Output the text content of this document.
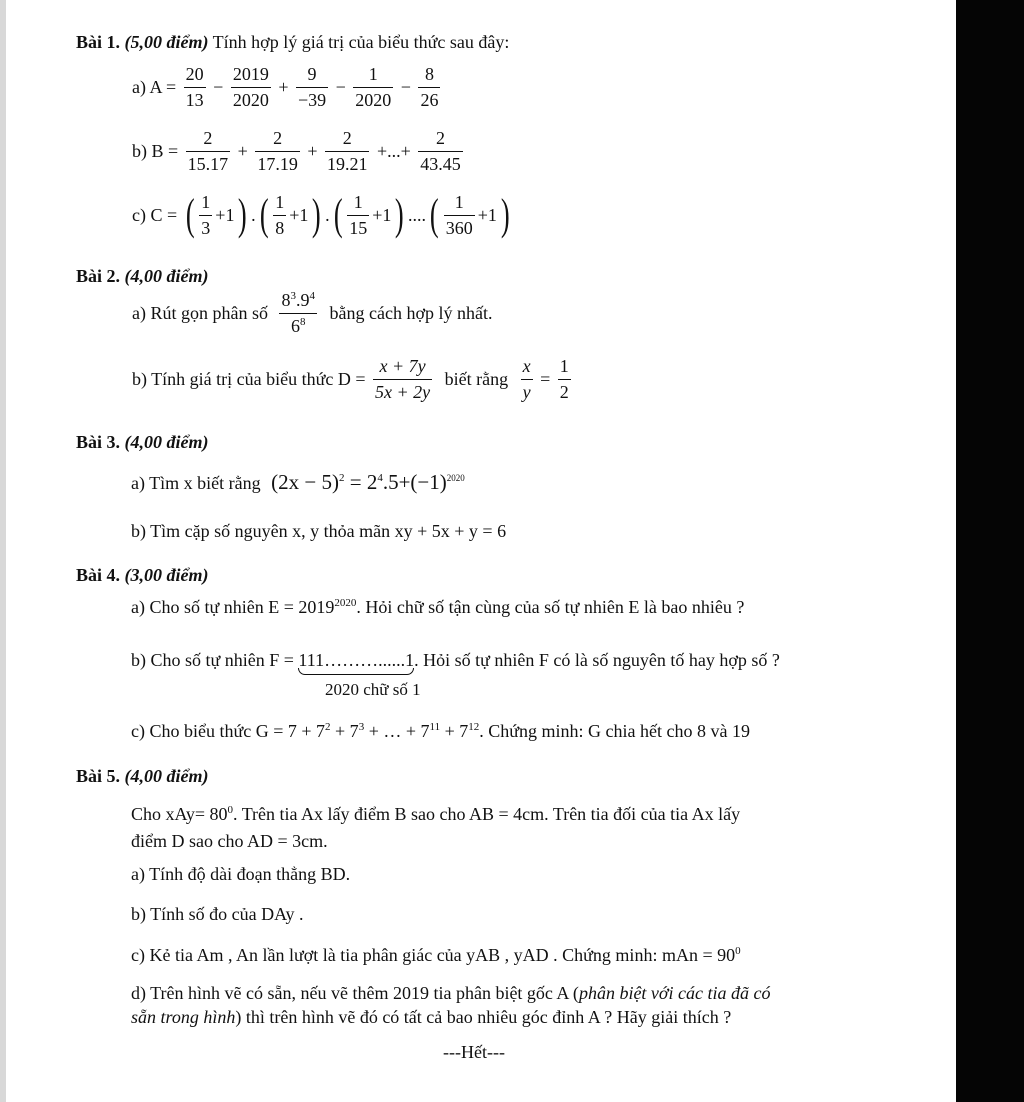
Bài 1. (5,00 điểm) Tính hợp lý giá trị của biểu thức sau đây:
a) $A = \frac{20}{13} - \frac{2019}{2020} + \frac{9}{-39} - \frac{1}{2020} - \frac{8}{26}$
b) $B = \frac{2}{15.17} + \frac{2}{17.19} + \frac{2}{19.21}$ +...+ $\frac{2}{43.45}$
c) C = ( $\frac{1}{3} +1$) .( $\frac{1}{8} +1$) .( $\frac{1}{15} +1$) ....( $\frac{1}{360} +1$)
Bài 2. (4,00 điểm)
a) Rút gọn phân số $\frac{8^3.9^4}{6^8}$ bằng cách hợp lý nhất.
b) Tính giá trị của biểu thức $D = \frac{x + 7y}{5x + 2y}$ biết rằng $\frac{x}{y} = \frac{1}{2}$
Bài 3. (4,00 điểm)
a) Tìm x biết rằng $(2x - 5)^2 = 2^4.5+(-1)^{2020}$
b) Tìm cặp số nguyên x, y thỏa mãn xy + 5x + y = 6
Bài 4. (3,00 điểm)
a) Cho số tự nhiên $E = 2019^{2020}$. Hỏi chữ số tận cùng của số tự nhiên E là bao nhiêu ?
b) Cho số tự nhiên F = 111………......1. Hỏi số tự nhiên F có là số nguyên tố hay hợp số ?
2020 chữ số 1
c) Cho biểu thức $G = 7 + 7^2 + 7^3$ + … + $7^{11} + 7^{12}$. Chứng minh: G chia hết cho 8 và 19
Bài 5. (4,00 điểm)
Cho $xAy= 80^0$. Trên tia Ax lấy điểm B sao cho AB = 4cm. Trên tia đối của tia Ax lấy
điểm D sao cho AD = 3cm.
a) Tính độ dài đoạn thẳng BD.
b) Tính số đo của DAy .
c) Kẻ tia Am , An lần lượt là tia phân giác của yAB , yAD . Chứng minh: mAn = $90^0$
d) Trên hình vẽ có sẵn, nếu vẽ thêm 2019 tia phân biệt gốc A (phân biệt với các tia đã có
sẵn trong hình) thì trên hình vẽ đó có tất cả bao nhiêu góc đỉnh A ? Hãy giải thích ?
---Hết---
